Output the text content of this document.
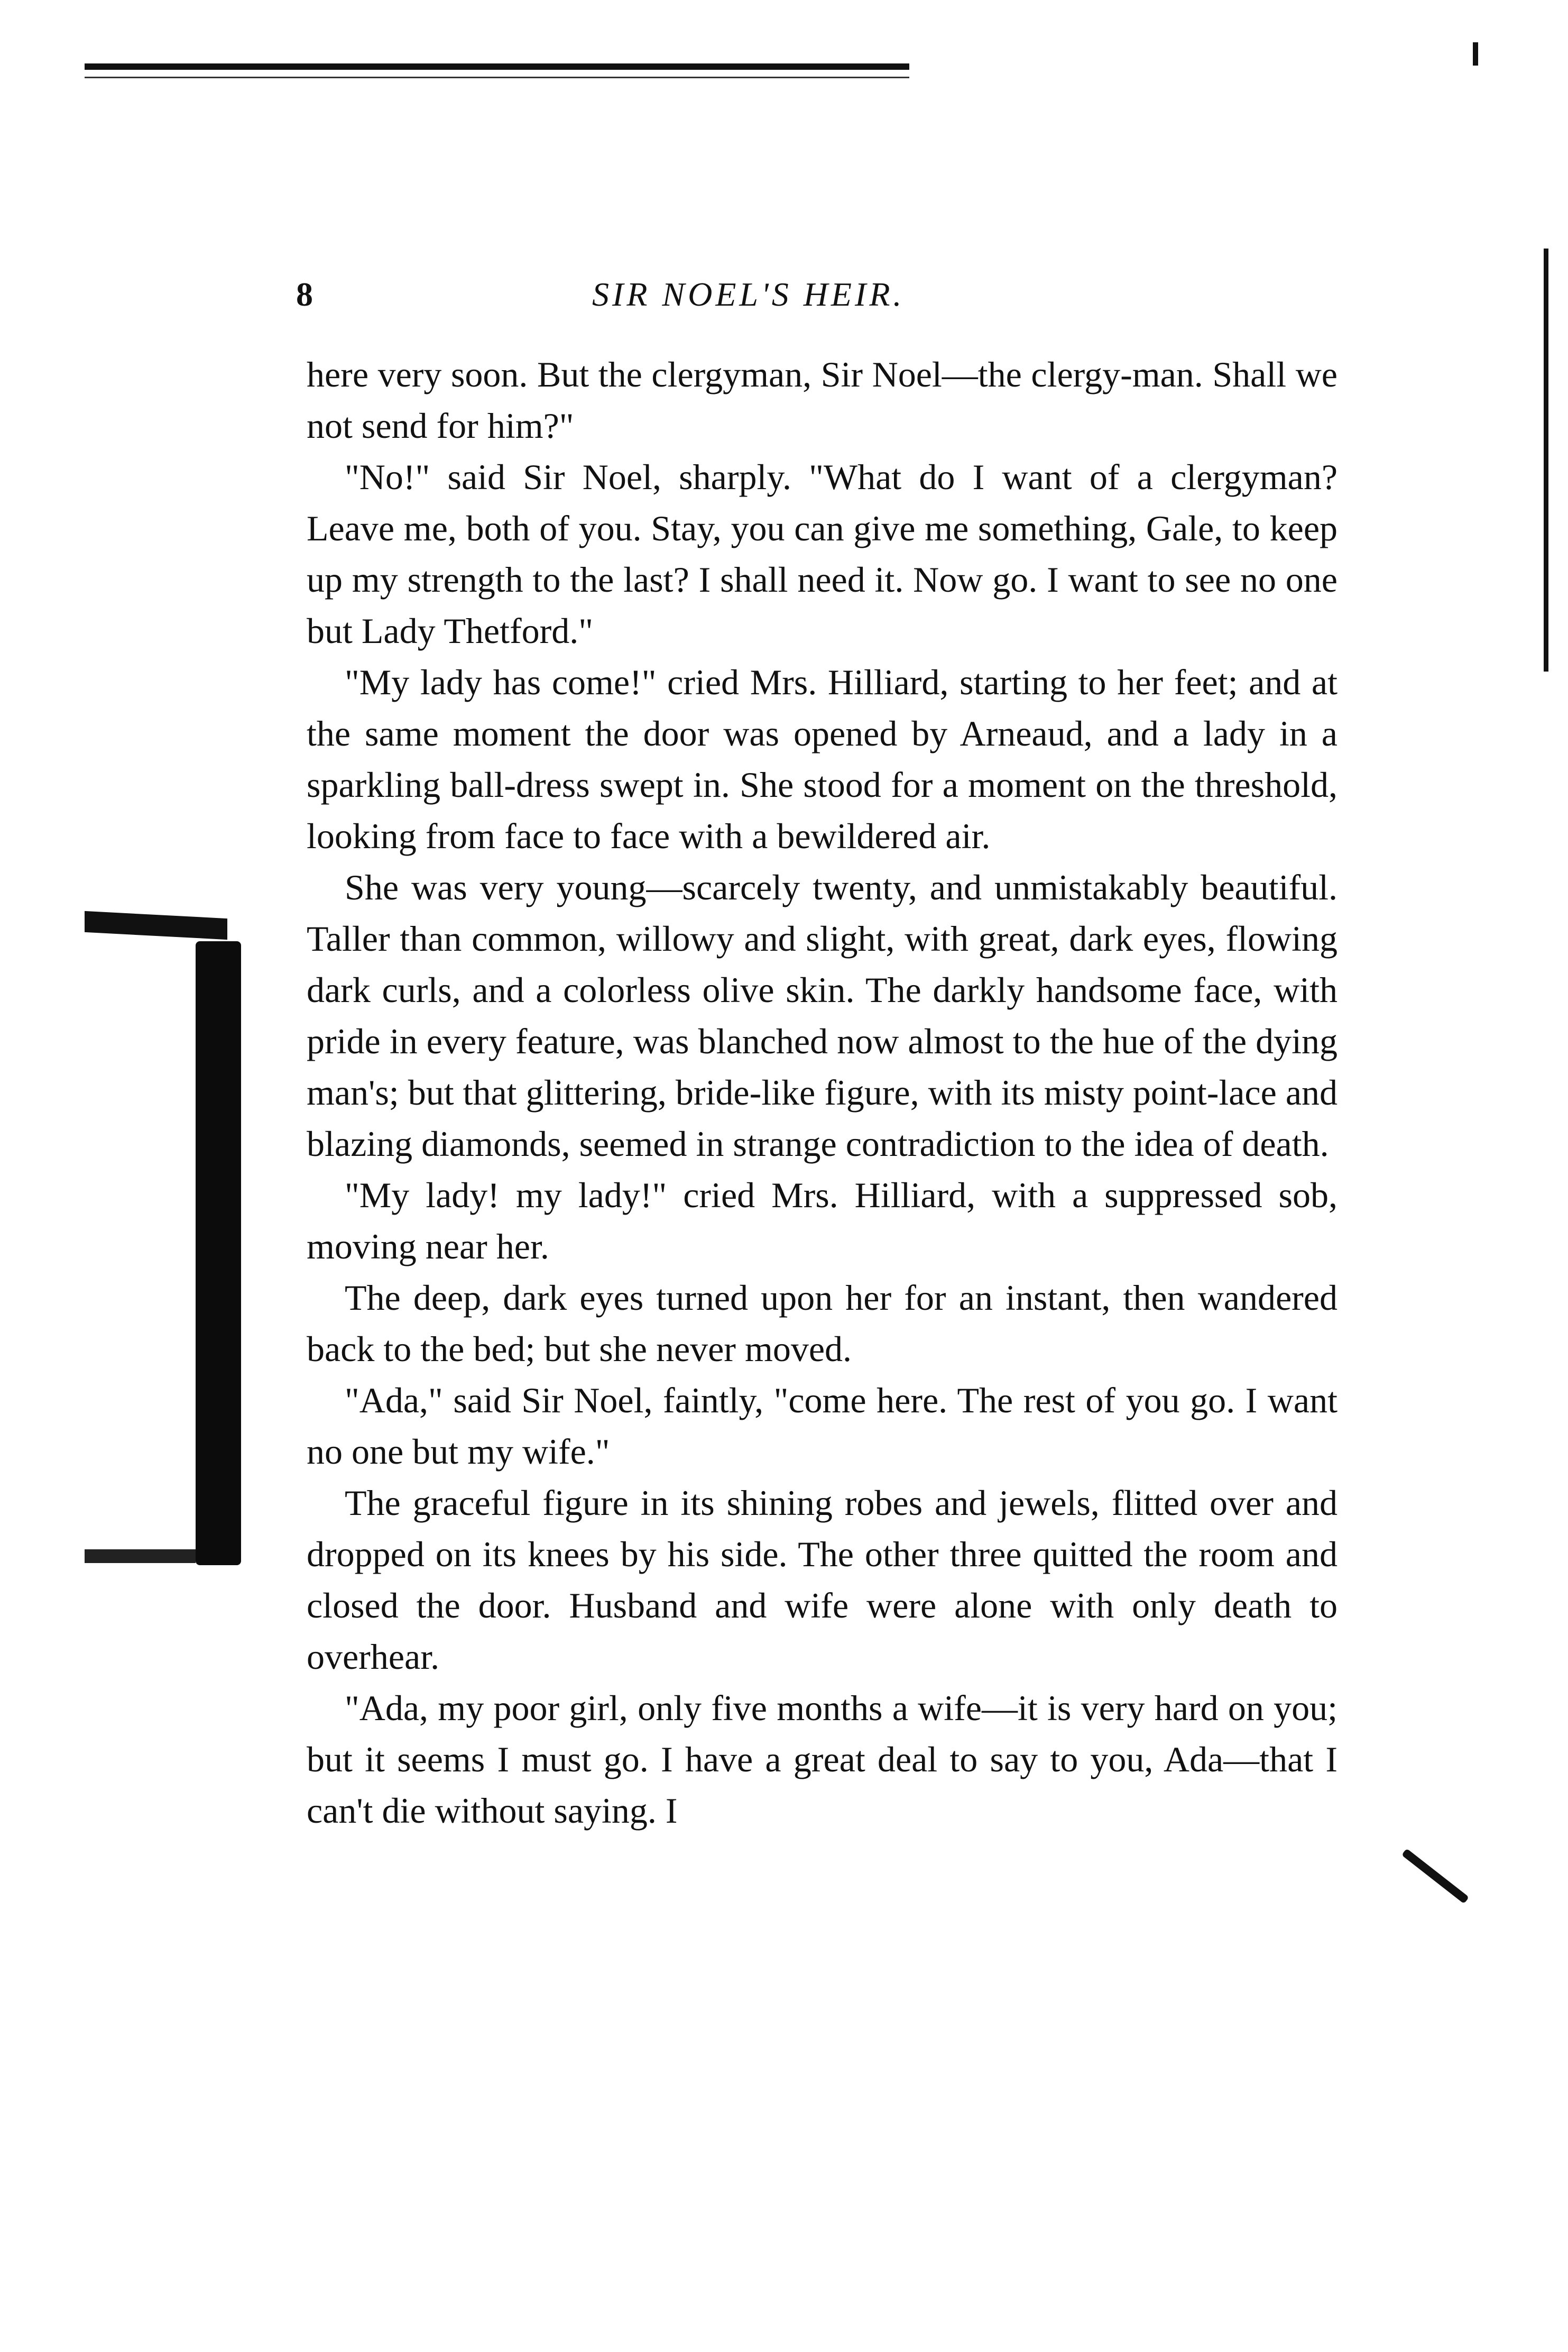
8	SIR NOEL'S HEIR.

here very soon. But the clergyman, Sir Noel—the clergy-man. Shall we not send for him?"

"No!" said Sir Noel, sharply. "What do I want of a clergyman? Leave me, both of you. Stay, you can give me something, Gale, to keep up my strength to the last? I shall need it. Now go. I want to see no one but Lady Thetford."

"My lady has come!" cried Mrs. Hilliard, starting to her feet; and at the same moment the door was opened by Arneaud, and a lady in a sparkling ball-dress swept in. She stood for a moment on the threshold, looking from face to face with a bewildered air.

She was very young—scarcely twenty, and unmistakably beautiful. Taller than common, willowy and slight, with great, dark eyes, flowing dark curls, and a colorless olive skin. The darkly handsome face, with pride in every feature, was blanched now almost to the hue of the dying man's; but that glittering, bride-like figure, with its misty point-lace and blazing diamonds, seemed in strange contradiction to the idea of death.

"My lady! my lady!" cried Mrs. Hilliard, with a suppressed sob, moving near her.

The deep, dark eyes turned upon her for an instant, then wandered back to the bed; but she never moved.

"Ada," said Sir Noel, faintly, "come here. The rest of you go. I want no one but my wife."

The graceful figure in its shining robes and jewels, flitted over and dropped on its knees by his side. The other three quitted the room and closed the door. Husband and wife were alone with only death to overhear.

"Ada, my poor girl, only five months a wife—it is very hard on you; but it seems I must go. I have a great deal to say to you, Ada—that I can't die without saying. I
